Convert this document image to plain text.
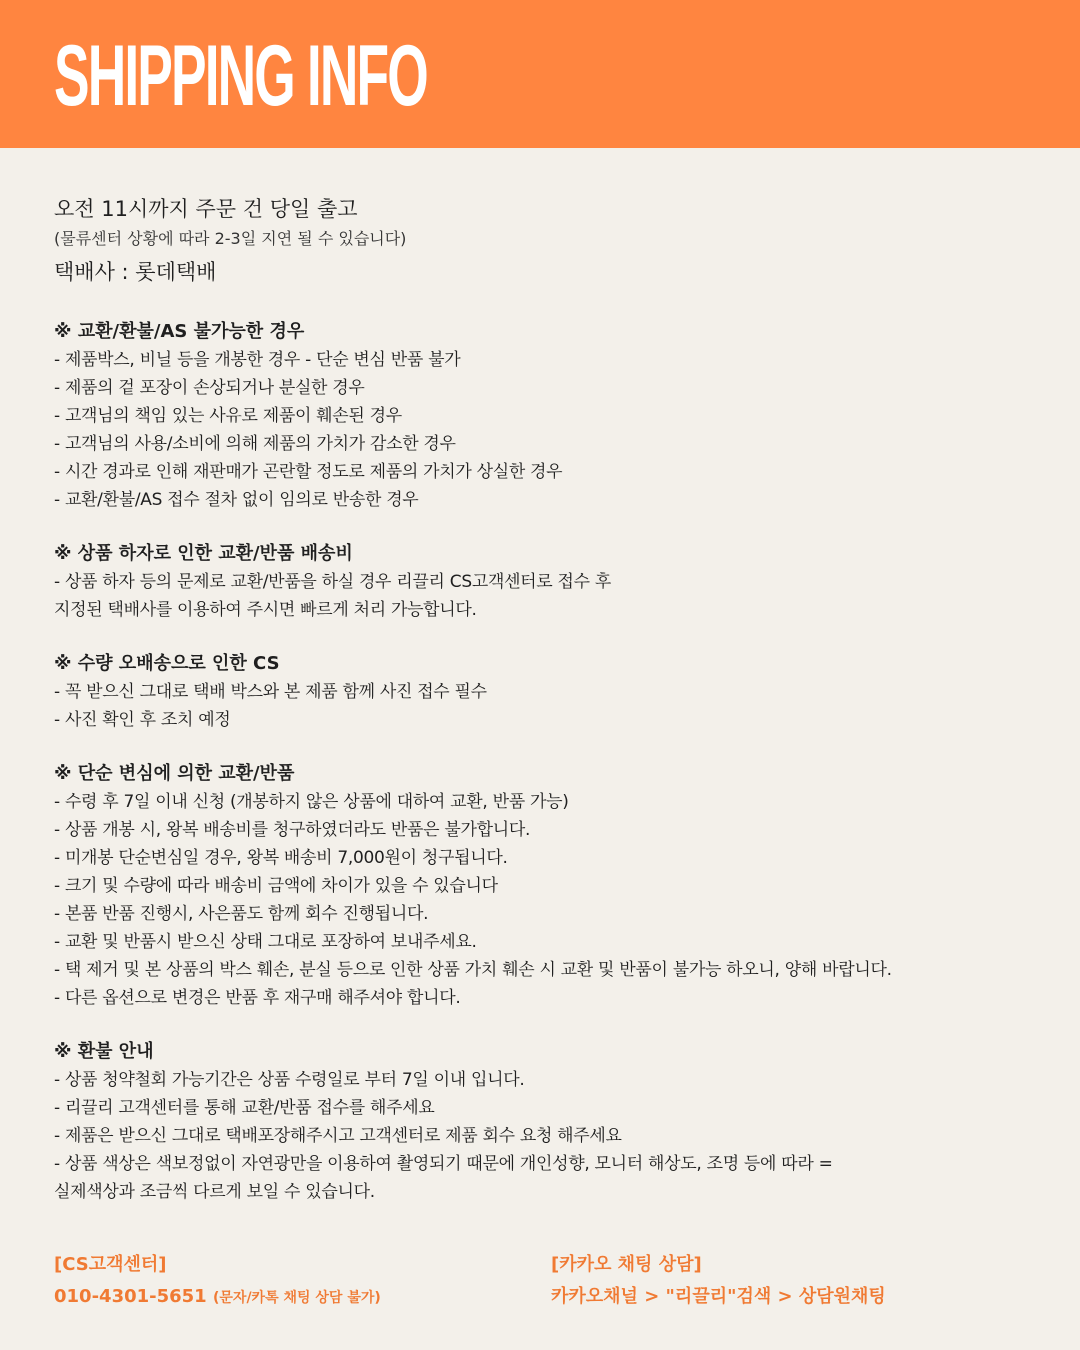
SHIPPING INFO

오전 11시까지 주문 건 당일 출고

(물류센터 상황에 따라 2-3일 지연 될 수 있습니다)

택배사 : 롯데택배

※ 교환/환불/AS 불가능한 경우

- 제품박스, 비닐 등을 개봉한 경우 - 단순 변심 반품 불가

- 제품의 겉 포장이 손상되거나 분실한 경우

- 고객님의 책임 있는 사유로 제품이 훼손된 경우

- 고객님의 사용/소비에 의해 제품의 가치가 감소한 경우

- 시간 경과로 인해 재판매가 곤란할 정도로 제품의 가치가 상실한 경우

- 교환/환불/AS 접수 절차 없이 임의로 반송한 경우

※ 상품 하자로 인한 교환/반품 배송비

- 상품 하자 등의 문제로 교환/반품을 하실 경우 리끌리 CS고객센터로 접수 후

지정된 택배사를 이용하여 주시면 빠르게 처리 가능합니다.

※ 수량 오배송으로 인한 CS

- 꼭 받으신 그대로 택배 박스와 본 제품 함께 사진 접수 필수

- 사진 확인 후 조치 예정

※ 단순 변심에 의한 교환/반품

- 수령 후 7일 이내 신청 (개봉하지 않은 상품에 대하여 교환, 반품 가능)

- 상품 개봉 시, 왕복 배송비를 청구하였더라도 반품은 불가합니다.

- 미개봉 단순변심일 경우, 왕복 배송비 7,000원이 청구됩니다.

- 크기 및 수량에 따라 배송비 금액에 차이가 있을 수 있습니다

- 본품 반품 진행시, 사은품도 함께 회수 진행됩니다.

- 교환 및 반품시 받으신 상태 그대로 포장하여 보내주세요.

- 택 제거 및 본 상품의 박스 훼손, 분실 등으로 인한 상품 가치 훼손 시 교환 및 반품이 불가능 하오니, 양해 바랍니다.

- 다른 옵션으로 변경은 반품 후 재구매 해주셔야 합니다.

※ 환불 안내

- 상품 청약철회 가능기간은 상품 수령일로 부터 7일 이내 입니다.

- 리끌리 고객센터를 통해 교환/반품 접수를 해주세요

- 제품은 받으신 그대로 택배포장해주시고 고객센터로 제품 회수 요청 해주세요

- 상품 색상은 색보정없이 자연광만을 이용하여 촬영되기 때문에 개인성향, 모니터 해상도, 조명 등에 따라 =

실제색상과 조금씩 다르게 보일 수 있습니다.

[CS고객센터]

010-4301-5651 (문자/카톡 채팅 상담 불가)

[카카오 채팅 상담]

카카오채널 > "리끌리"검색 > 상담원채팅
